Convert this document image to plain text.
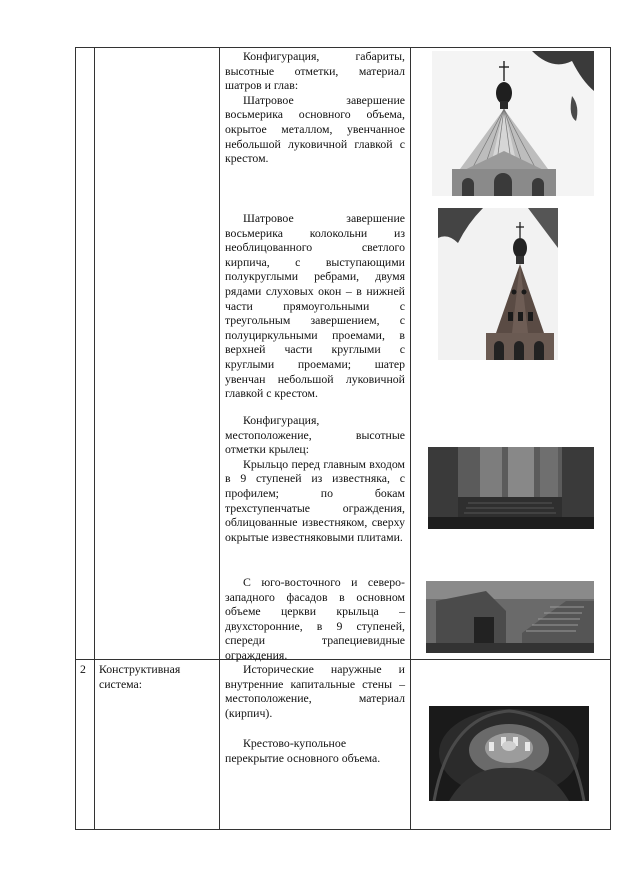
Конфигурация, габариты, высотные отметки, материал шатров и глав:

Шатровое завершение восьмерика основного объема, окрытое металлом, увенчанное небольшой луковичной главкой с крестом.

Шатровое завершение восьмерика колокольни из необлицованного светлого кирпича, с выступающими полукруглыми ребрами, двумя рядами слуховых окон – в нижней части прямоугольными с треугольным завершением, с полуциркульными проемами, в верхней части круглыми с круглыми проемами; шатер увенчан небольшой луковичной главкой с крестом.

Конфигурация, местоположение, высотные отметки крылец:

Крыльцо перед главным входом в 9 ступеней из известняка, с профилем; по бокам трехступенчатые ограждения, облицованные известняком, сверху окрытые известняковыми плитами.

С юго-восточного и северо-западного фасадов в основном объеме церкви крыльца – двухсторонние, в 9 ступеней, спереди трапециевидные ограждения.

2 Конструктивная система:

Исторические наружные и внутренние капитальные стены – местоположение, материал (кирпич).

Крестово-купольное перекрытие основного объема.
